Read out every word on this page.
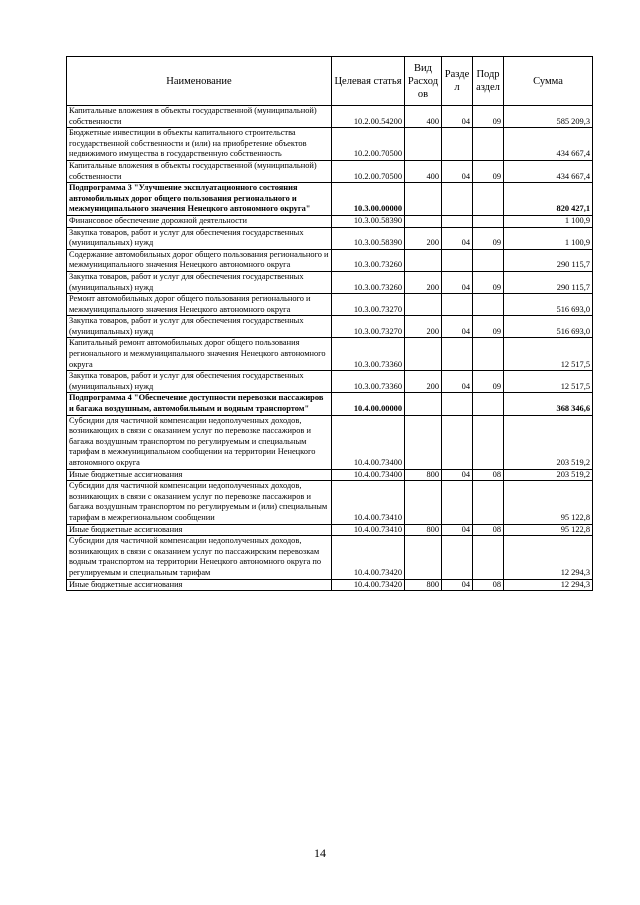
Наименование	Целевая статья	Вид Расход ов	Разде л	Подр аздел	Сумма
Капитальные вложения в объекты государственной (муниципальной) собственности	10.2.00.54200	400	04	09	585 209,3
Бюджетные инвестиции в объекты капитального строительства государственной собственности и (или) на приобретение объектов недвижимого имущества в государственную собственность	10.2.00.70500				434 667,4
Капитальные вложения в объекты государственной (муниципальной) собственности	10.2.00.70500	400	04	09	434 667,4
Подпрограмма 3 "Улучшение эксплуатационного состояния автомобильных дорог общего пользования регионального и межмуниципального значения Ненецкого автономного округа"	10.3.00.00000				820 427,1
Финансовое обеспечение дорожной деятельности	10.3.00.58390				1 100,9
Закупка товаров, работ и услуг для обеспечения государственных (муниципальных) нужд	10.3.00.58390	200	04	09	1 100,9
Содержание автомобильных дорог общего пользования регионального и межмуниципального значения Ненецкого автономного округа	10.3.00.73260				290 115,7
Закупка товаров, работ и услуг для обеспечения государственных (муниципальных) нужд	10.3.00.73260	200	04	09	290 115,7
Ремонт автомобильных дорог общего пользования регионального и межмуниципального значения Ненецкого автономного округа	10.3.00.73270				516 693,0
Закупка товаров, работ и услуг для обеспечения государственных (муниципальных) нужд	10.3.00.73270	200	04	09	516 693,0
Капитальный ремонт автомобильных дорог общего пользования регионального и межмуниципального значения Ненецкого автономного округа	10.3.00.73360				12 517,5
Закупка товаров, работ и услуг для обеспечения государственных (муниципальных) нужд	10.3.00.73360	200	04	09	12 517,5
Подпрограмма 4 "Обеспечение доступности перевозки пассажиров и багажа воздушным, автомобильным и водным транспортом"	10.4.00.00000				368 346,6
Субсидии для частичной компенсации недополученных доходов, возникающих в связи с оказанием услуг по перевозке пассажиров и багажа воздушным транспортом по регулируемым и специальным тарифам в межмуниципальном сообщении на территории Ненецкого автономного округа	10.4.00.73400				203 519,2
Иные бюджетные ассигнования	10.4.00.73400	800	04	08	203 519,2
Субсидии для частичной компенсации недополученных доходов, возникающих в связи с оказанием услуг по перевозке пассажиров и багажа воздушным транспортом по регулируемым и (или) специальным тарифам в межрегиональном сообщении	10.4.00.73410				95 122,8
Иные бюджетные ассигнования	10.4.00.73410	800	04	08	95 122,8
Субсидии для частичной компенсации недополученных доходов, возникающих в связи с оказанием услуг по пассажирским перевозкам водным транспортом на территории Ненецкого автономного округа по регулируемым и специальным тарифам	10.4.00.73420				12 294,3
Иные бюджетные ассигнования	10.4.00.73420	800	04	08	12 294,3
14
